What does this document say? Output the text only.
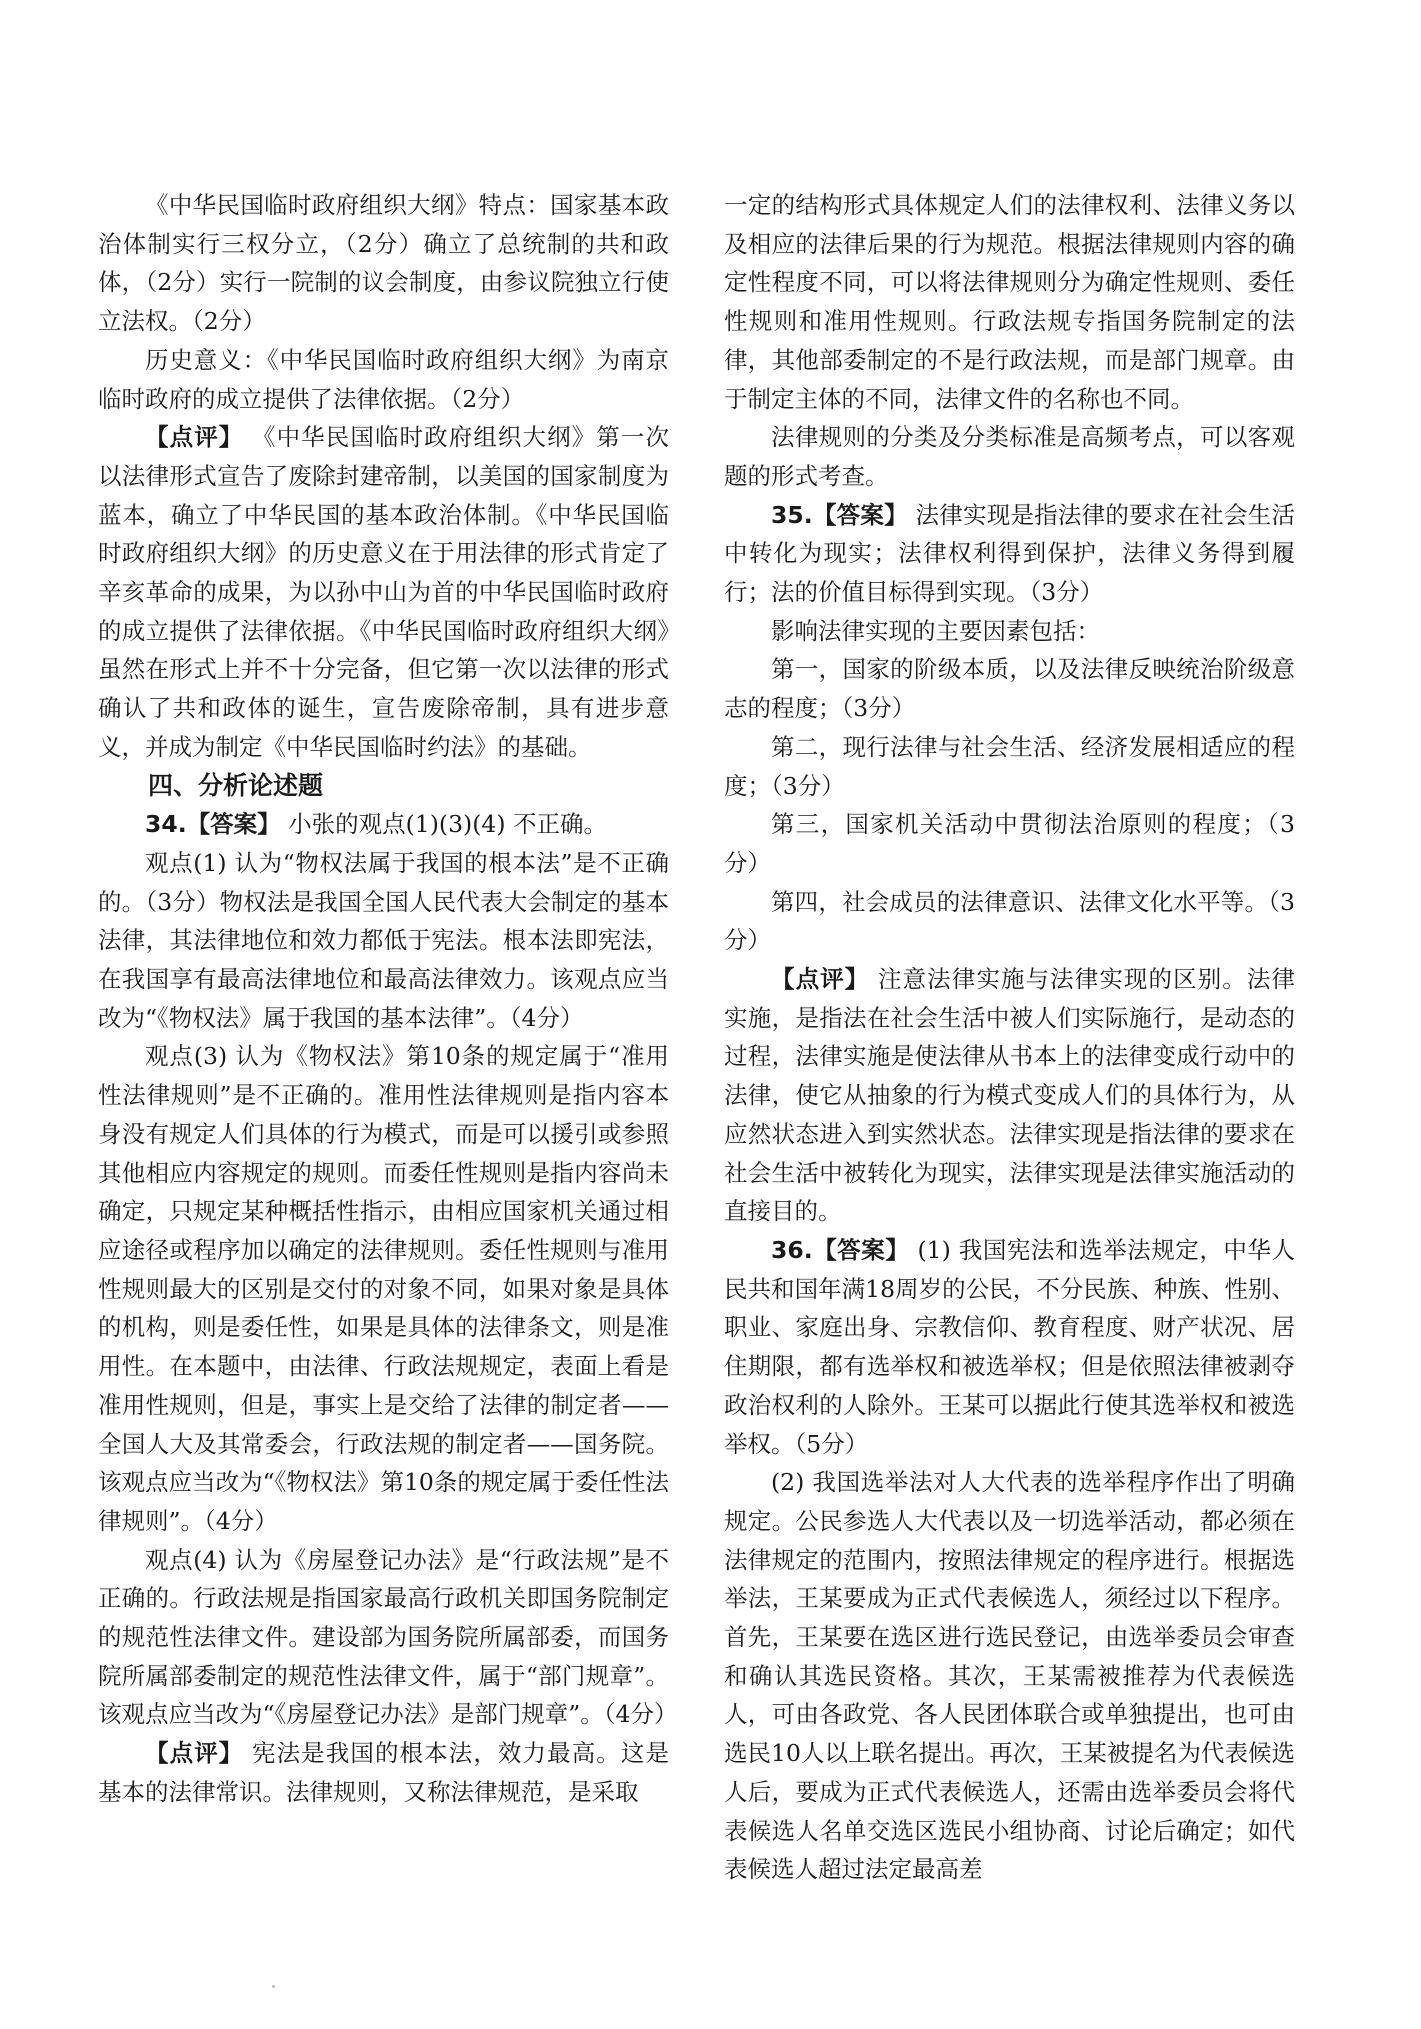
《中华民国临时政府组织大纲》特点：国家基本政治体制实行三权分立，（2分）确立了总统制的共和政体，（2分）实行一院制的议会制度，由参议院独立行使立法权。（2分）

历史意义：《中华民国临时政府组织大纲》为南京临时政府的成立提供了法律依据。（2分）

【点评】 《中华民国临时政府组织大纲》第一次以法律形式宣告了废除封建帝制，以美国的国家制度为蓝本，确立了中华民国的基本政治体制。《中华民国临时政府组织大纲》的历史意义在于用法律的形式肯定了辛亥革命的成果，为以孙中山为首的中华民国临时政府的成立提供了法律依据。《中华民国临时政府组织大纲》虽然在形式上并不十分完备，但它第一次以法律的形式确认了共和政体的诞生，宣告废除帝制，具有进步意义，并成为制定《中华民国临时约法》的基础。

四、分析论述题

34.【答案】 小张的观点(1)(3)(4) 不正确。

观点(1) 认为“物权法属于我国的根本法”是不正确的。（3分）物权法是我国全国人民代表大会制定的基本法律，其法律地位和效力都低于宪法。根本法即宪法，在我国享有最高法律地位和最高法律效力。该观点应当改为“《物权法》属于我国的基本法律”。（4分）

观点(3) 认为《物权法》第10条的规定属于“准用性法律规则”是不正确的。准用性法律规则是指内容本身没有规定人们具体的行为模式，而是可以援引或参照其他相应内容规定的规则。而委任性规则是指内容尚未确定，只规定某种概括性指示，由相应国家机关通过相应途径或程序加以确定的法律规则。委任性规则与准用性规则最大的区别是交付的对象不同，如果对象是具体的机构，则是委任性，如果是具体的法律条文，则是准用性。在本题中，由法律、行政法规规定，表面上看是准用性规则，但是，事实上是交给了法律的制定者——全国人大及其常委会，行政法规的制定者——国务院。该观点应当改为“《物权法》第10条的规定属于委任性法律规则”。（4分）

观点(4) 认为《房屋登记办法》是“行政法规”是不正确的。行政法规是指国家最高行政机关即国务院制定的规范性法律文件。建设部为国务院所属部委，而国务院所属部委制定的规范性法律文件，属于“部门规章”。该观点应当改为“《房屋登记办法》是部门规章”。（4分）

【点评】 宪法是我国的根本法，效力最高。这是基本的法律常识。法律规则，又称法律规范，是采取

一定的结构形式具体规定人们的法律权利、法律义务以及相应的法律后果的行为规范。根据法律规则内容的确定性程度不同，可以将法律规则分为确定性规则、委任性规则和准用性规则。行政法规专指国务院制定的法律，其他部委制定的不是行政法规，而是部门规章。由于制定主体的不同，法律文件的名称也不同。

法律规则的分类及分类标准是高频考点，可以客观题的形式考查。

35.【答案】 法律实现是指法律的要求在社会生活中转化为现实；法律权利得到保护，法律义务得到履行；法的价值目标得到实现。（3分）

影响法律实现的主要因素包括：

第一，国家的阶级本质，以及法律反映统治阶级意志的程度；（3分）

第二，现行法律与社会生活、经济发展相适应的程度；（3分）

第三，国家机关活动中贯彻法治原则的程度；（3分）

第四，社会成员的法律意识、法律文化水平等。（3分）

【点评】 注意法律实施与法律实现的区别。法律实施，是指法在社会生活中被人们实际施行，是动态的过程，法律实施是使法律从书本上的法律变成行动中的法律，使它从抽象的行为模式变成人们的具体行为，从应然状态进入到实然状态。法律实现是指法律的要求在社会生活中被转化为现实，法律实现是法律实施活动的直接目的。

36.【答案】 (1) 我国宪法和选举法规定，中华人民共和国年满18周岁的公民，不分民族、种族、性别、职业、家庭出身、宗教信仰、教育程度、财产状况、居住期限，都有选举权和被选举权；但是依照法律被剥夺政治权利的人除外。王某可以据此行使其选举权和被选举权。（5分）

(2) 我国选举法对人大代表的选举程序作出了明确规定。公民参选人大代表以及一切选举活动，都必须在法律规定的范围内，按照法律规定的程序进行。根据选举法，王某要成为正式代表候选人，须经过以下程序。首先，王某要在选区进行选民登记，由选举委员会审查和确认其选民资格。其次，王某需被推荐为代表候选人，可由各政党、各人民团体联合或单独提出，也可由选民10人以上联名提出。再次，王某被提名为代表候选人后，要成为正式代表候选人，还需由选举委员会将代表候选人名单交选区选民小组协商、讨论后确定；如代表候选人超过法定最高差
